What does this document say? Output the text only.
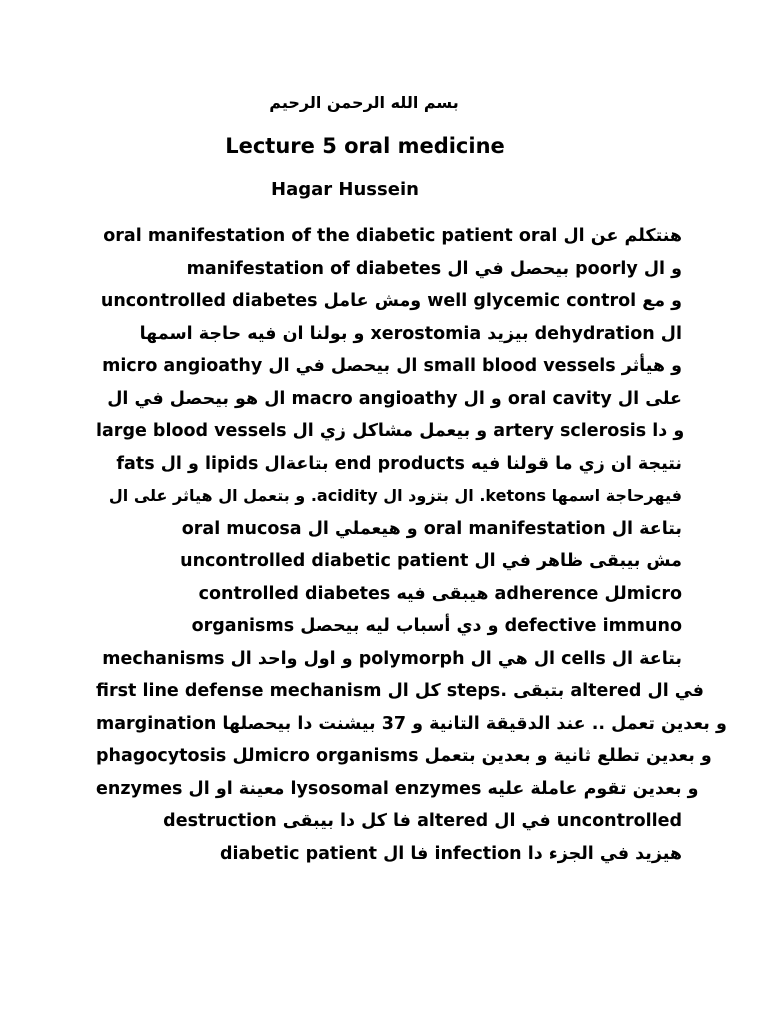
بسم الله الرحمن الرحيم
Lecture 5 oral medicine
Hagar Hussein
هنتكلم عن ال oral manifestation of the diabetic patient oral
manifestation of diabetes بيحصل في ال poorly و ال
uncontrolled diabetes ومش عامل well glycemic control و مع
ال dehydration بيزيد xerostomia و بولنا ان فيه حاجة اسمها
micro angioathy ال بيحصل في ال small blood vessels و هيأثر
على ال oral cavity و ال macro angioathy ال هو بيحصل في ال
large blood vessels و بيعمل مشاكل زي ال artery sclerosis و دا
نتيجة ان زي ما قولنا فيه end products بتاعةال lipids و ال fats
فيهرحاجة اسمها ketons. ال بتزود ال acidity. و بتعمل ال هياثر على ال
oral mucosa و هيعملي ال oral manifestation بتاعة ال
uncontrolled diabetic patient مش بيبقى ظاهر في ال
controlled diabetes هيبقى فيه adherence للmicro
organisms و دي أسباب ليه بيحصل defective immuno
mechanisms و اول واحد ال polymorph ال هي ال cells بتاعة ال
first line defense mechanism كل ال steps. بتبقى altered في ال
margination و بعدين تعمل .. عند الدقيقة التانية و 37 بيشنت دا بيحصلها
phagocytosis للmicro organisms و بعدين تطلع ثانية و بعدين بتعمل
enzymes معينة او ال lysosomal enzymes و بعدين تقوم عاملة عليه
destruction فا كل دا بيبقى altered في ال uncontrolled
diabetic patient فا ال infection هيزيد في الجزء دا
